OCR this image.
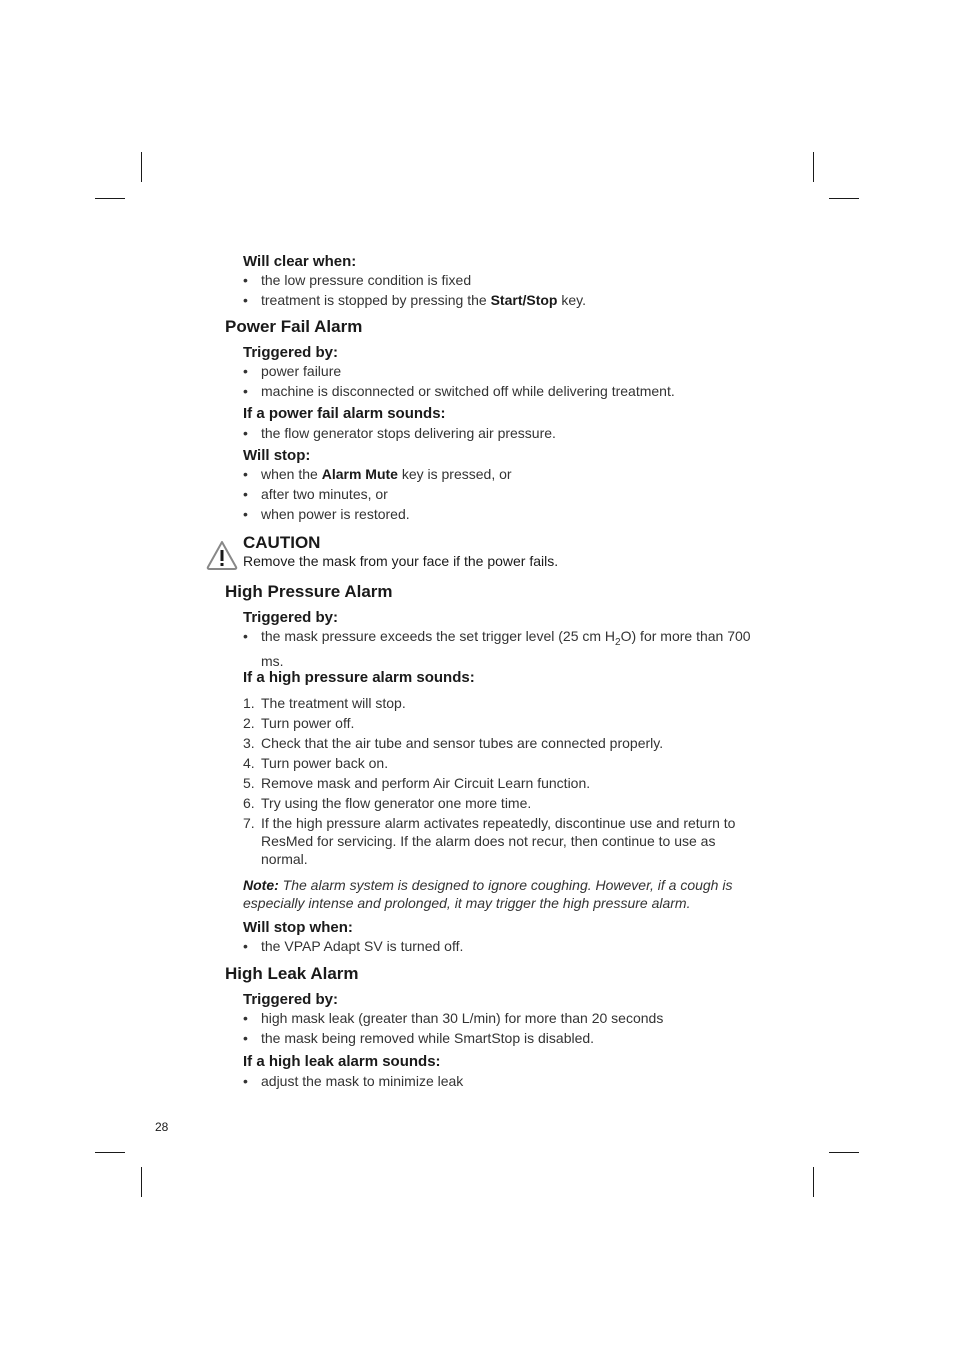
Will clear when:
• the low pressure condition is fixed
• treatment is stopped by pressing the Start/Stop key.
Power Fail Alarm
Triggered by:
• power failure
• machine is disconnected or switched off while delivering treatment.
If a power fail alarm sounds:
• the flow generator stops delivering air pressure.
Will stop:
• when the Alarm Mute key is pressed, or
• after two minutes, or
• when power is restored.
CAUTION
Remove the mask from your face if the power fails.
High Pressure Alarm
Triggered by:
• the mask pressure exceeds the set trigger level (25 cm $H_2O$) for more than 700 ms.
If a high pressure alarm sounds:
1. The treatment will stop.
2. Turn power off.
3. Check that the air tube and sensor tubes are connected properly.
4. Turn power back on.
5. Remove mask and perform Air Circuit Learn function.
6. Try using the flow generator one more time.
7. If the high pressure alarm activates repeatedly, discontinue use and return to ResMed for servicing. If the alarm does not recur, then continue to use as normal.
Note: The alarm system is designed to ignore coughing. However, if a cough is especially intense and prolonged, it may trigger the high pressure alarm.
Will stop when:
• the VPAP Adapt SV is turned off.
High Leak Alarm
Triggered by:
• high mask leak (greater than 30 L/min) for more than 20 seconds
• the mask being removed while SmartStop is disabled.
If a high leak alarm sounds:
• adjust the mask to minimize leak
28
